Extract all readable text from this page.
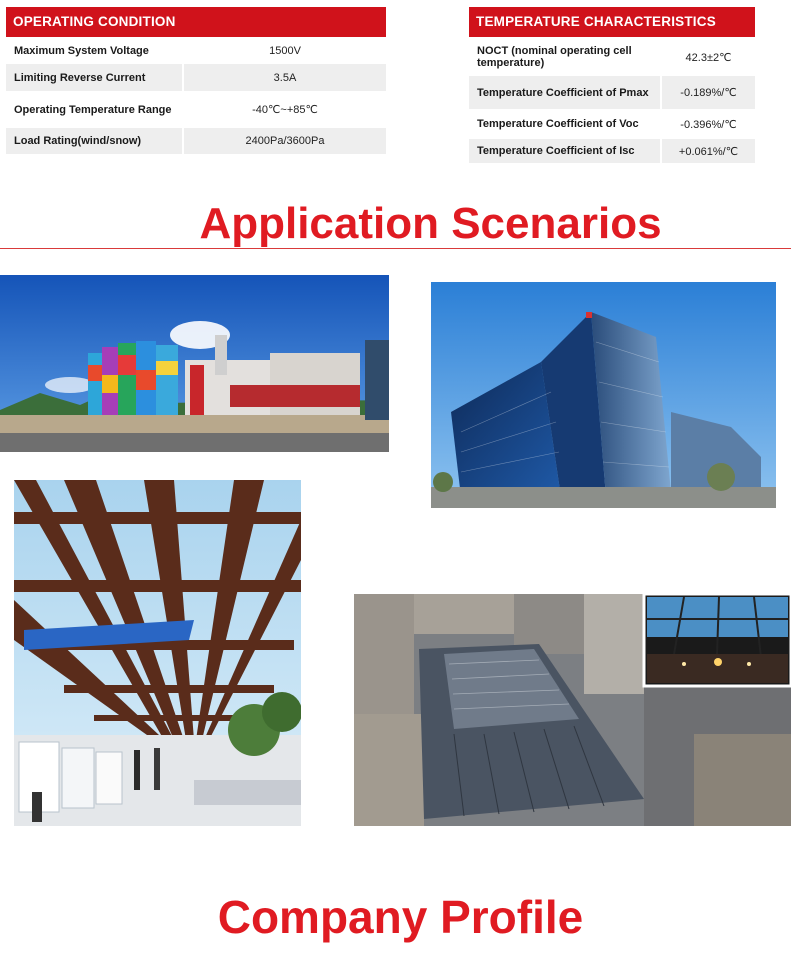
OPERATING CONDITION
Maximum System Voltage	1500V
Limiting Reverse Current	3.5A
Operating Temperature Range	-40℃~+85℃
Load Rating(wind/snow)	2400Pa/3600Pa
TEMPERATURE CHARACTERISTICS
NOCT (nominal operating cell temperature)	42.3±2℃
Temperature Coefficient of Pmax	-0.189%/℃
Temperature Coefficient of Voc	-0.396%/℃
Temperature Coefficient of Isc	+0.061%/℃
Application Scenarios
Company Profile
